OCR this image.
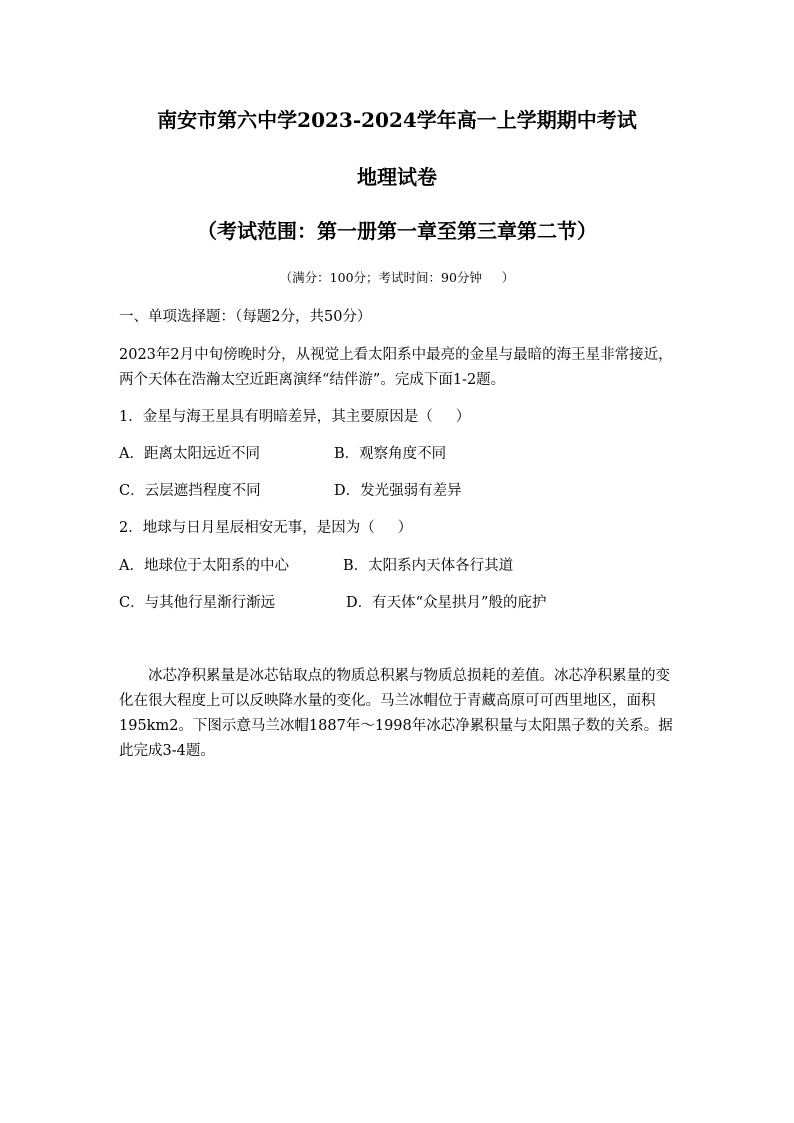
南安市第六中学2023-2024学年高一上学期期中考试
地理试卷
（考试范围：第一册第一章至第三章第二节）
（满分：100分；考试时间：90分钟     ）
一、单项选择题：（每题2分，共50分）
2023年2月中旬傍晚时分，从视觉上看太阳系中最亮的金星与最暗的海王星非常接近，两个天体在浩瀚太空近距离演绎“结伴游”。完成下面1-2题。
1．金星与海王星具有明暗差异，其主要原因是（     ）
A．距离太阳远近不同	B．观察角度不同
C．云层遮挡程度不同	D．发光强弱有差异
2．地球与日月星辰相安无事，是因为（     ）
A．地球位于太阳系的中心	B．太阳系内天体各行其道
C．与其他行星渐行渐远	D．有天体“众星拱月”般的庇护
冰芯净积累量是冰芯钻取点的物质总积累与物质总损耗的差值。冰芯净积累量的变化在很大程度上可以反映降水量的变化。马兰冰帽位于青藏高原可可西里地区，面积195km2。下图示意马兰冰帽1887年～1998年冰芯净累积量与太阳黑子数的关系。据此完成3-4题。
